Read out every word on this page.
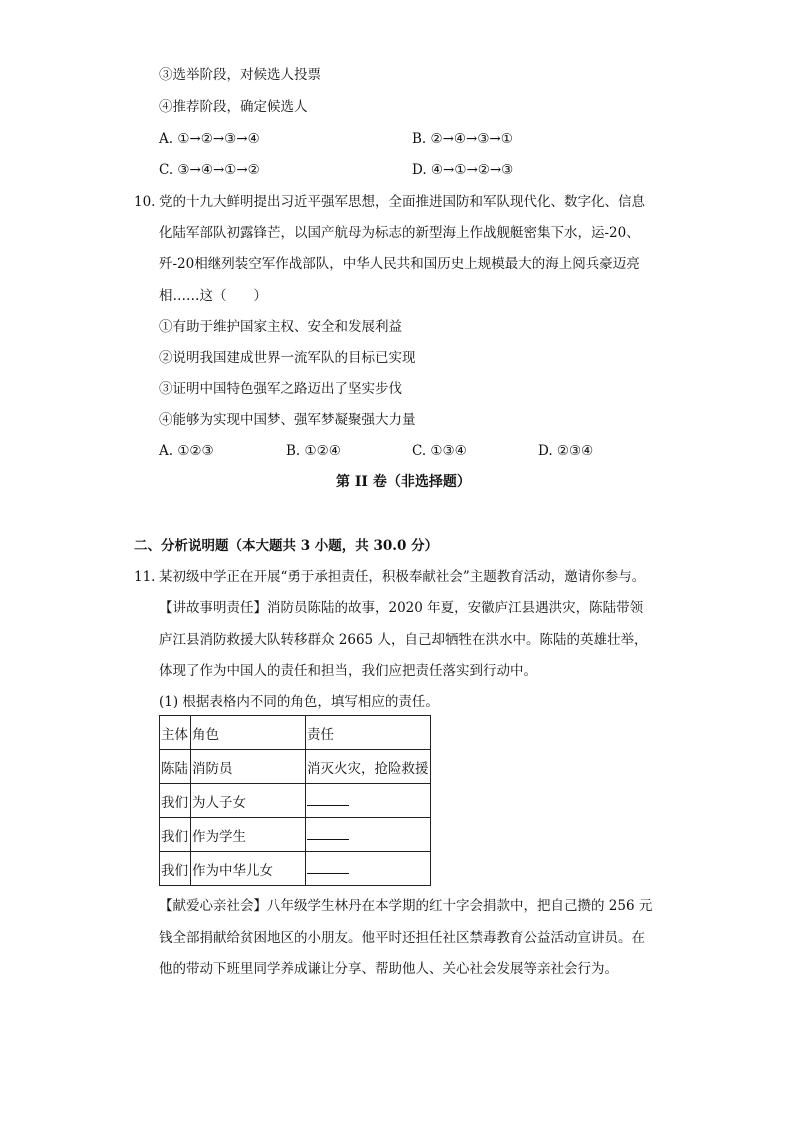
③选举阶段，对候选人投票
④推荐阶段，确定候选人
A. ①→②→③→④	B. ②→④→③→①
C. ③→④→①→②	D. ④→①→②→③
10. 党的十九大鲜明提出习近平强军思想，全面推进国防和军队现代化、数字化、信息
化陆军部队初露锋芒，以国产航母为标志的新型海上作战舰艇密集下水，运-20、
歼-20相继列装空军作战部队，中华人民共和国历史上规模最大的海上阅兵豪迈亮
相……这（　　）
①有助于维护国家主权、安全和发展利益
②说明我国建成世界一流军队的目标已实现
③证明中国特色强军之路迈出了坚实步伐
④能够为实现中国梦、强军梦凝聚强大力量
A. ①②③	B. ①②④	C. ①③④	D. ②③④
第 II 卷（非选择题）
二、分析说明题（本大题共 3 小题，共 30.0 分）
11. 某初级中学正在开展“勇于承担责任，积极奉献社会”主题教育活动，邀请你参与。
【讲故事明责任】消防员陈陆的故事，2020 年夏，安徽庐江县遇洪灾，陈陆带领
庐江县消防救援大队转移群众 2665 人，自己却牺牲在洪水中。陈陆的英雄壮举，
体现了作为中国人的责任和担当，我们应把责任落实到行动中。
(1) 根据表格内不同的角色，填写相应的责任。
主体	角色	责任
陈陆	消防员	消灭火灾，抢险救援
我们	为人子女	
我们	作为学生	
我们	作为中华儿女	
【献爱心亲社会】八年级学生林丹在本学期的红十字会捐款中，把自己攒的 256 元
钱全部捐献给贫困地区的小朋友。他平时还担任社区禁毒教育公益活动宣讲员。在
他的带动下班里同学养成谦让分享、帮助他人、关心社会发展等亲社会行为。
